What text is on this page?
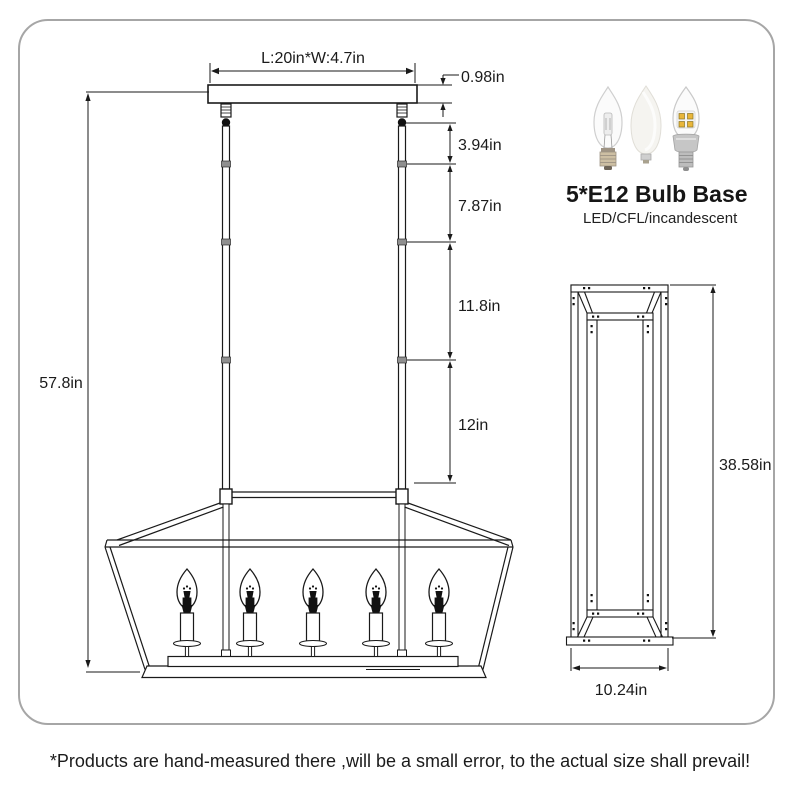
L:20in*W:4.7in
0.98in
3.94in
7.87in
11.8in
12in
57.8in
38.58in
10.24in
5*E12 Bulb Base
LED/CFL/incandescent
*Products are hand-measured there ,will be a small error, to the actual size shall prevail!
